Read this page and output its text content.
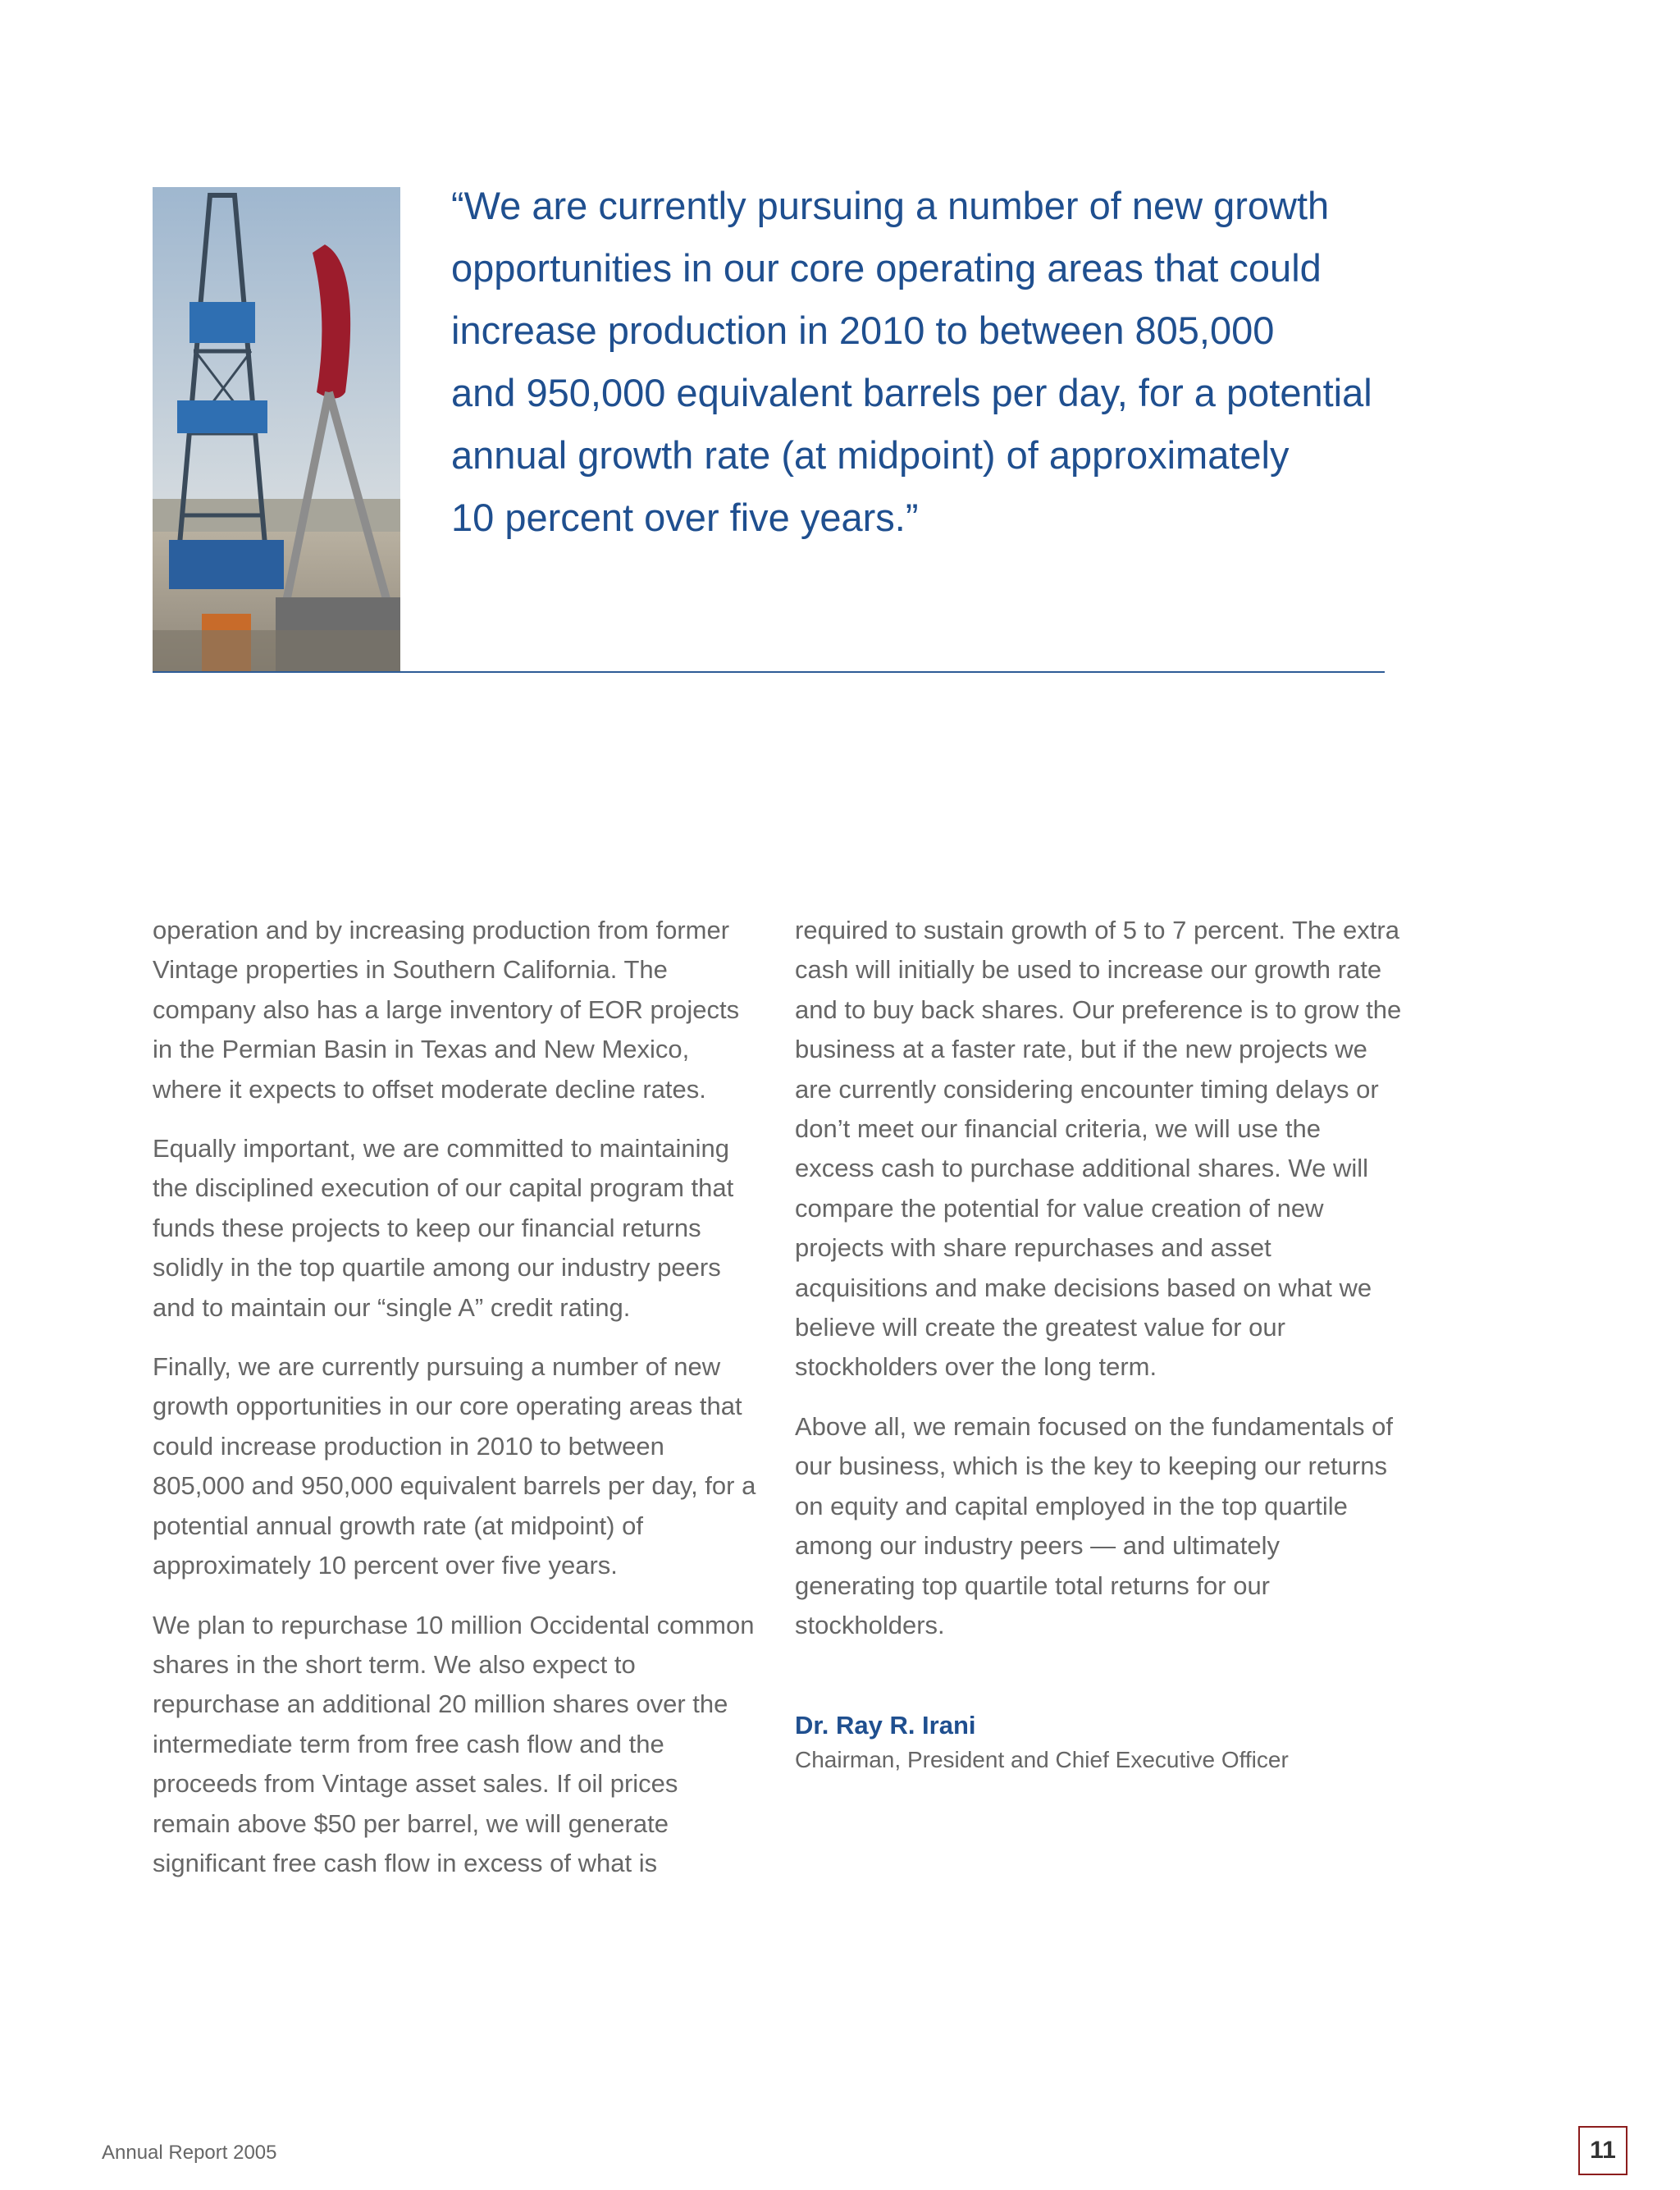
“We are currently pursuing a number of new growth
opportunities in our core operating areas that could
increase production in 2010 to between 805,000
and 950,000 equivalent barrels per day, for a potential
annual growth rate (at midpoint) of approximately
10 percent over five years.”

operation and by increasing production from former Vintage properties in Southern California. The company also has a large inventory of EOR projects in the Permian Basin in Texas and New Mexico, where it expects to offset moderate decline rates.

Equally important, we are committed to maintaining the disciplined execution of our capital program that funds these projects to keep our financial returns solidly in the top quartile among our industry peers and to maintain our “single A” credit rating.

Finally, we are currently pursuing a number of new growth opportunities in our core operating areas that could increase production in 2010 to between 805,000 and 950,000 equivalent barrels per day, for a potential annual growth rate (at midpoint) of approximately 10 percent over five years.

We plan to repurchase 10 million Occidental common shares in the short term. We also expect to repurchase an additional 20 million shares over the intermediate term from free cash flow and the proceeds from Vintage asset sales. If oil prices remain above $50 per barrel, we will generate significant free cash flow in excess of what is

required to sustain growth of 5 to 7 percent. The extra cash will initially be used to increase our growth rate and to buy back shares. Our preference is to grow the business at a faster rate, but if the new projects we are currently considering encounter timing delays or don’t meet our financial criteria, we will use the excess cash to purchase additional shares. We will compare the potential for value creation of new projects with share repurchases and asset acquisitions and make decisions based on what we believe will create the greatest value for our stockholders over the long term.

Above all, we remain focused on the fundamentals of our business, which is the key to keeping our returns on equity and capital employed in the top quartile among our industry peers — and ultimately generating top quartile total returns for our stockholders.

Dr. Ray R. Irani
Chairman, President and Chief Executive Officer
Annual Report 2005	11
